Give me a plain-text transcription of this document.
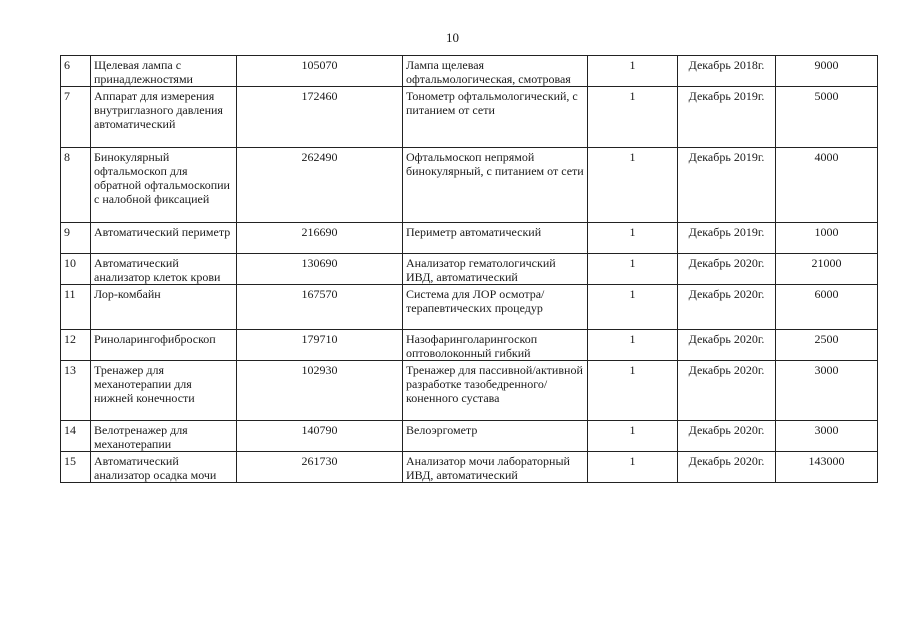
10
6	Щелевая лампа с принадлежностями	105070	Лампа щелевая офтальмологическая, смотровая	1	Декабрь 2018г.	9000
7	Аппарат для измерения внутриглазного давления автоматический	172460	Тонометр офтальмологический, с питанием от сети	1	Декабрь 2019г.	5000
8	Бинокулярный офтальмоскоп для обратной офтальмоскопии с налобной фиксацией	262490	Офтальмоскоп непрямой бинокулярный, с питанием от сети	1	Декабрь 2019г.	4000
9	Автоматический периметр	216690	Периметр автоматический	1	Декабрь 2019г.	1000
10	Автоматический анализатор клеток крови	130690	Анализатор гематологичский ИВД, автоматический	1	Декабрь 2020г.	21000
11	Лор-комбайн	167570	Система для ЛОР осмотра/терапевтических процедур	1	Декабрь 2020г.	6000
12	Риноларингофиброскоп	179710	Назофаринголарингоскоп оптоволоконный гибкий	1	Декабрь 2020г.	2500
13	Тренажер для механотерапии для нижней конечности	102930	Тренажер для пассивной/активной разработке тазобедренного/коненного сустава	1	Декабрь 2020г.	3000
14	Велотренажер для механотерапии	140790	Велоэргометр	1	Декабрь 2020г.	3000
15	Автоматический анализатор осадка мочи	261730	Анализатор мочи лабораторный ИВД, автоматический	1	Декабрь 2020г.	143000
